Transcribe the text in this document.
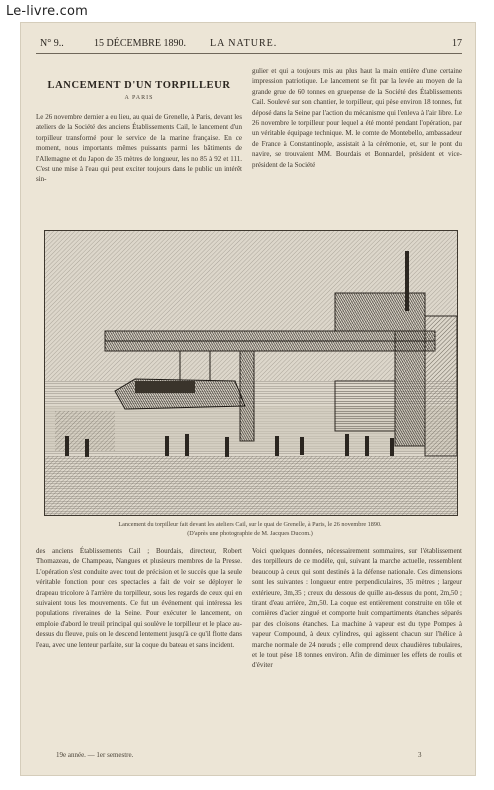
Le-livre.com
N° 9..	15 DÉCEMBRE 1890. LA NATURE.	17
LANCEMENT D'UN TORPILLEUR
A PARIS

Le 26 novembre dernier a eu lieu, au quai de Grenelle, à Paris, devant les ateliers de la Société des anciens Établissements Cail, le lancement d'un torpilleur transformé pour le service de la marine française. En ce moment, nous importants mêmes puissants parmi les bâtiments de l'Allemagne et du Japon de 35 mètres de longueur, les no 85 à 92 et 111. C'est une mise à l'eau qui peut exciter toujours dans le public un intérêt sin-

gulier et qui a toujours mis au plus haut la main entière d'une certaine impression patriotique. Le lancement se fit par la levée au moyen de la grande grue de 60 tonnes en gruepense de la Société des Établissements Cail. Soulevé sur son chantier, le torpilleur, qui pèse environ 18 tonnes, fut déposé dans la Seine par l'action du mécanisme qui l'enleva à l'air libre. Le 26 novembre le torpilleur pour lequel a été monté pendant l'opération, par un véritable équipage technique. M. le comte de Montebello, ambassadeur de France à Constantinople, assistait à la cérémonie, et, sur le pont du navire, se trouvaient MM. Bourdais et Bonnardel, président et vice-président de la Société

Lancement du torpilleur fait devant les ateliers Cail, sur le quai de Grenelle, à Paris, le 26 novembre 1890.
(D'après une photographie de M. Jacques Ducom.)

des anciens Établissements Cail ; Bourdais, directeur, Robert Thomazeau, de Champeau, Nangues et plusieurs membres de la Presse. L'opération s'est conduite avec tout de précision et le succès que la seule véritable fonction pour ces spectacles a fait de voir se déployer le drapeau tricolore à l'arrière du torpilleur, sous les regards de ceux qui en suivaient tous les mouvements. Ce fut un événement qui intéressa les populations riveraines de la Seine. Pour exécuter le lancement, on emploie d'abord le treuil principal qui soulève le torpilleur et le place au-dessus du fleuve, puis on le descend lentement jusqu'à ce qu'il flotte dans l'eau, avec une lenteur parfaite, sur la coque du bateau et sans incident.

Voici quelques données, nécessairement sommaires, sur l'établissement des torpilleurs de ce modèle, qui, suivant la marche actuelle, ressemblent beaucoup à ceux qui sont destinés à la défense nationale. Ces dimensions sont les suivantes : longueur entre perpendiculaires, 35 mètres ; largeur extérieure, 3m,35 ; creux du dessous de quille au-dessus du pont, 2m,50 ; tirant d'eau arrière, 2m,50. La coque est entièrement construite en tôle et cornières d'acier zingué et comporte huit compartiments étanches séparés par des cloisons étanches. La machine à vapeur est du type Pompes à vapeur Compound, à deux cylindres, qui agissent chacun sur l'hélice à marche normale de 24 nœuds ; elle comprend deux chaudières tubulaires, et le tout pèse 18 tonnes environ. Afin de diminuer les effets de roulis et d'éviter

19e année. — 1er semestre.	3
